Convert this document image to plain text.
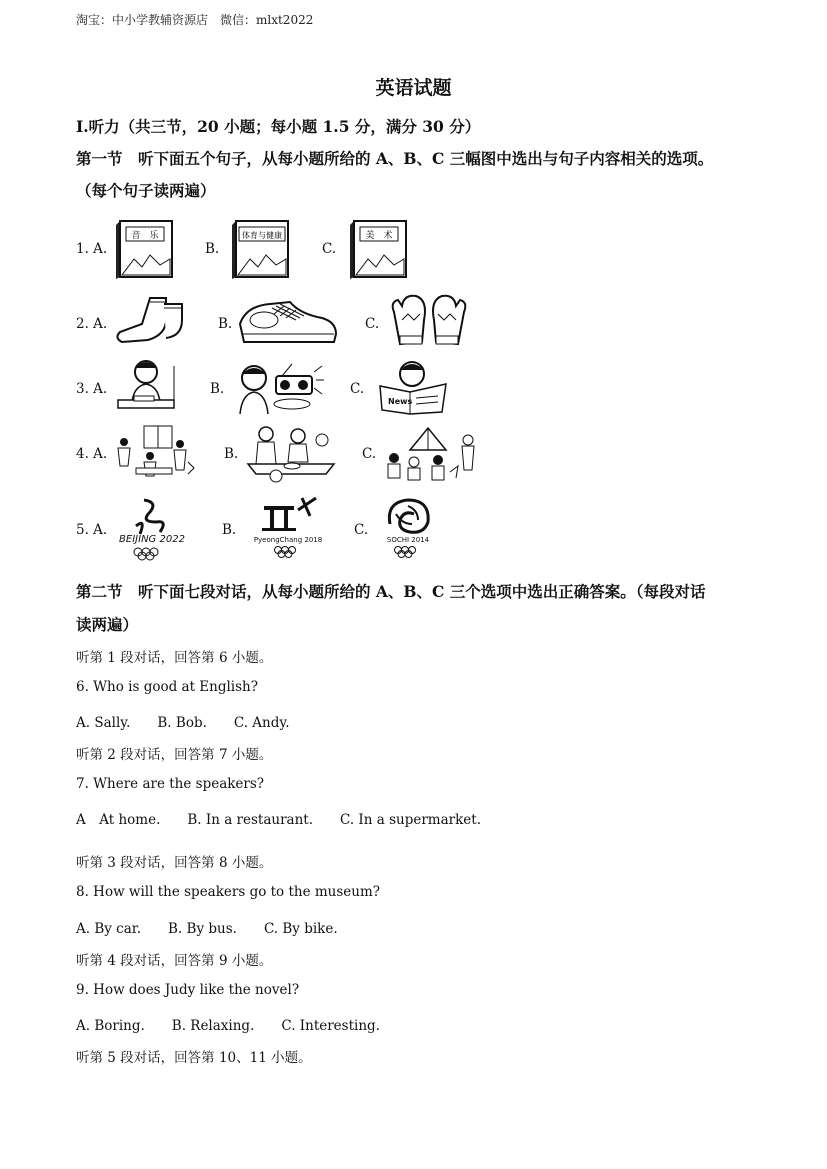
淘宝：中小学教辅资源店　微信：mlxt2022
英语试题
I.听力（共三节，20 小题；每小题 1.5 分，满分 30 分）
第一节　听下面五个句子，从每小题所给的 A、B、C 三幅图中选出与句子内容相关的选项。
（每个句子读两遍）
1. A.
音　乐
B.
体育与健康
C.
美　术
2. A.	B.	C.
3. A.	B.	C.
News
4. A.	B.	C.
5. A.
BEIJING 2022
B.
PyeongChang 2018
C.
SOCHI 2014
第二节　听下面七段对话，从每小题所给的 A、B、C 三个选项中选出正确答案。（每段对话
读两遍）
听第 1 段对话，回答第 6 小题。
6. Who is good at English?
A. Sally.　　B. Bob.　　C. Andy.
听第 2 段对话，回答第 7 小题。
7. Where are the speakers?
A　At home.　　B. In a restaurant.　　C. In a supermarket.
听第 3 段对话，回答第 8 小题。
8. How will the speakers go to the museum?
A. By car.　　B. By bus.　　C. By bike.
听第 4 段对话，回答第 9 小题。
9. How does Judy like the novel?
A. Boring.　　B. Relaxing.　　C. Interesting.
听第 5 段对话，回答第 10、11 小题。
